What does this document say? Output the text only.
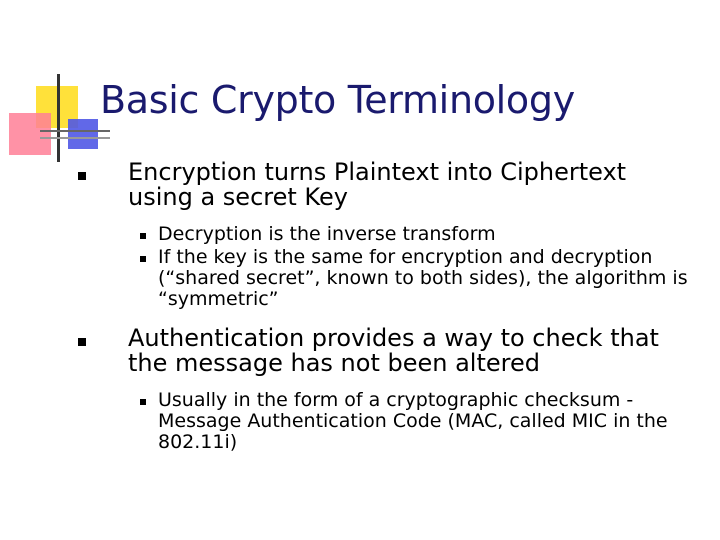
Basic Crypto Terminology
Encryption turns Plaintext into Ciphertext using a secret Key
Decryption is the inverse transform
If the key is the same for encryption and decryption (“shared secret”, known to both sides), the algorithm is “symmetric”
Authentication provides a way to check that the message has not been altered
Usually in the form of a cryptographic checksum - Message Authentication Code (MAC, called MIC in the 802.11i)
